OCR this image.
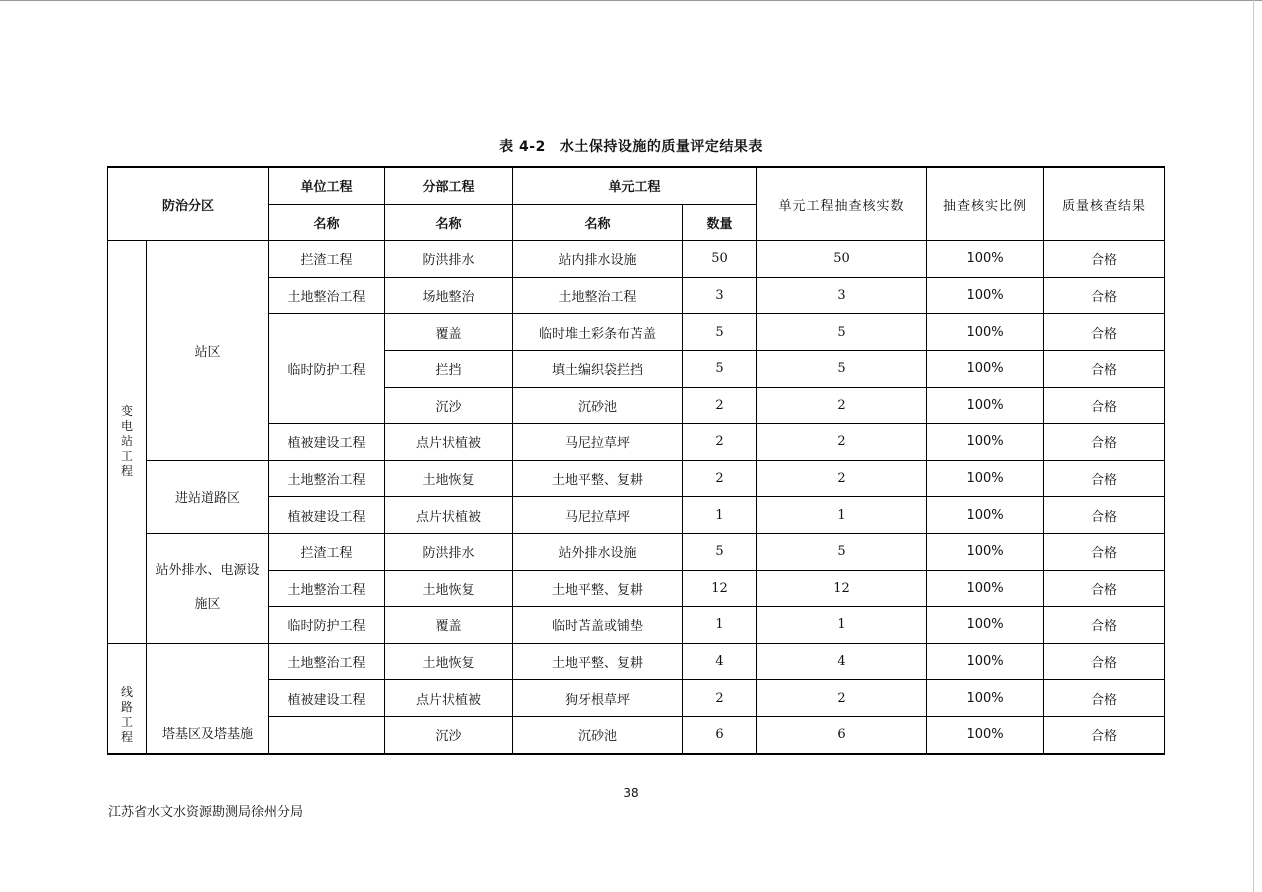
表 4-2 水土保持设施的质量评定结果表
防治分区		单位工程	分部工程	单元工程		单元工程抽查核实数	抽查核实比例	质量核查结果
		名称	名称	名称	数量			
变电站工程	站区	拦渣工程	防洪排水	站内排水设施	50	50	100%	合格
		土地整治工程	场地整治	土地整治工程	3	3	100%	合格
		临时防护工程	覆盖	临时堆土彩条布苫盖	5	5	100%	合格
			拦挡	填土编织袋拦挡	5	5	100%	合格
			沉沙	沉砂池	2	2	100%	合格
		植被建设工程	点片状植被	马尼拉草坪	2	2	100%	合格
	进站道路区	土地整治工程	土地恢复	土地平整、复耕	2	2	100%	合格
		植被建设工程	点片状植被	马尼拉草坪	1	1	100%	合格
	站外排水、电源设施区	拦渣工程	防洪排水	站外排水设施	5	5	100%	合格
		土地整治工程	土地恢复	土地平整、复耕	12	12	100%	合格
		临时防护工程	覆盖	临时苫盖或铺垫	1	1	100%	合格
线路工程	塔基区及塔基施	土地整治工程	土地恢复	土地平整、复耕	4	4	100%	合格
		植被建设工程	点片状植被	狗牙根草坪	2	2	100%	合格
			沉沙	沉砂池	6	6	100%	合格
38
江苏省水文水资源勘测局徐州分局
